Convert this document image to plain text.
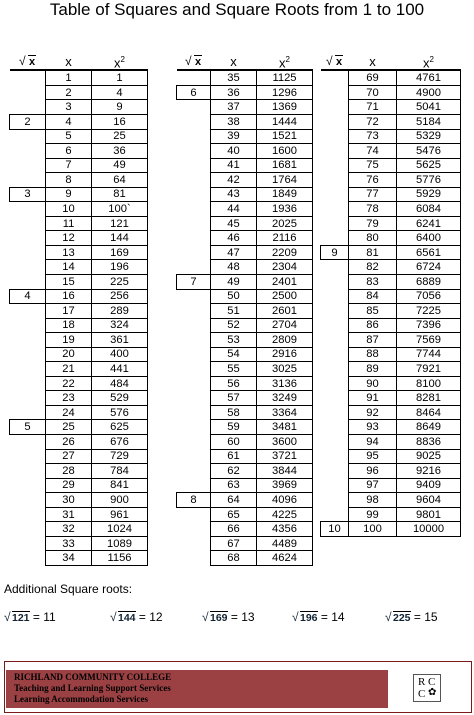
Table of Squares and Square Roots from 1 to 100
√ x	x	$x^2$
	1	1
	2	4
	3	9
2	4	16
	5	25
	6	36
	7	49
	8	64
3	9	81
	10	100`
	11	121
	12	144
	13	169
	14	196
	15	225
4	16	256
	17	289
	18	324
	19	361
	20	400
	21	441
	22	484
	23	529
	24	576
5	25	625
	26	676
	27	729
	28	784
	29	841
	30	900
	31	961
	32	1024
	33	1089
	34	1156
√ x	x	$x^2$
	35	1125
6	36	1296
	37	1369
	38	1444
	39	1521
	40	1600
	41	1681
	42	1764
	43	1849
	44	1936
	45	2025
	46	2116
	47	2209
	48	2304
7	49	2401
	50	2500
	51	2601
	52	2704
	53	2809
	54	2916
	55	3025
	56	3136
	57	3249
	58	3364
	59	3481
	60	3600
	61	3721
	62	3844
	63	3969
8	64	4096
	65	4225
	66	4356
	67	4489
	68	4624
√ x	x	$x^2$
	69	4761
	70	4900
	71	5041
	72	5184
	73	5329
	74	5476
	75	5625
	76	5776
	77	5929
	78	6084
	79	6241
	80	6400
9	81	6561
	82	6724
	83	6889
	84	7056
	85	7225
	86	7396
	87	7569
	88	7744
	89	7921
	90	8100
	91	8281
	92	8464
	93	8649
	94	8836
	95	9025
	96	9216
	97	9409
	98	9604
	99	9801
10	100	10000
Additional Square roots:
√ 121 = 11	√ 144 = 12	√ 169 = 13	√ 196 = 14	√ 225 = 15
RICHLAND COMMUNITY COLLEGE
Teaching and Learning Support Services
Learning Accommodation Services
R C
C ✿
